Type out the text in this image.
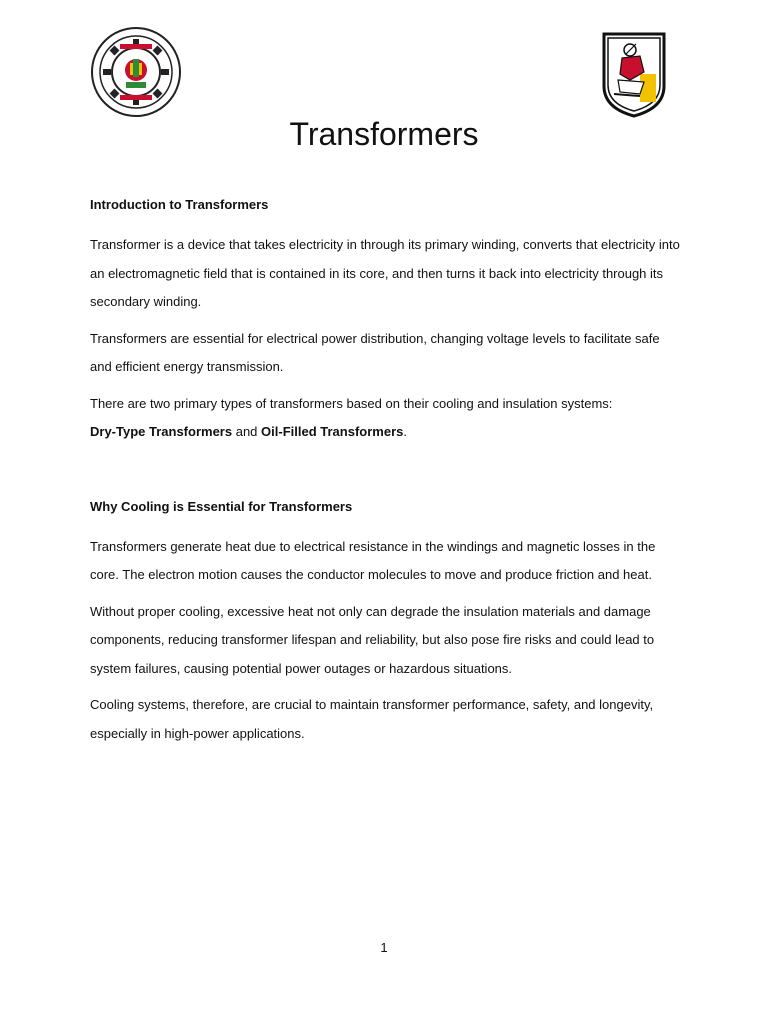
Transformers
Introduction to Transformers

Transformer is a device that takes electricity in through its primary winding, converts that electricity into an electromagnetic field that is contained in its core, and then turns it back into electricity through its secondary winding.

Transformers are essential for electrical power distribution, changing voltage levels to facilitate safe and efficient energy transmission.

There are two primary types of transformers based on their cooling and insulation systems:
Dry-Type Transformers and Oil-Filled Transformers.

Why Cooling is Essential for Transformers

Transformers generate heat due to electrical resistance in the windings and magnetic losses in the core. The electron motion causes the conductor molecules to move and produce friction and heat.

Without proper cooling, excessive heat not only can degrade the insulation materials and damage components, reducing transformer lifespan and reliability, but also pose fire risks and could lead to system failures, causing potential power outages or hazardous situations.

Cooling systems, therefore, are crucial to maintain transformer performance, safety, and longevity, especially in high-power applications.

1
